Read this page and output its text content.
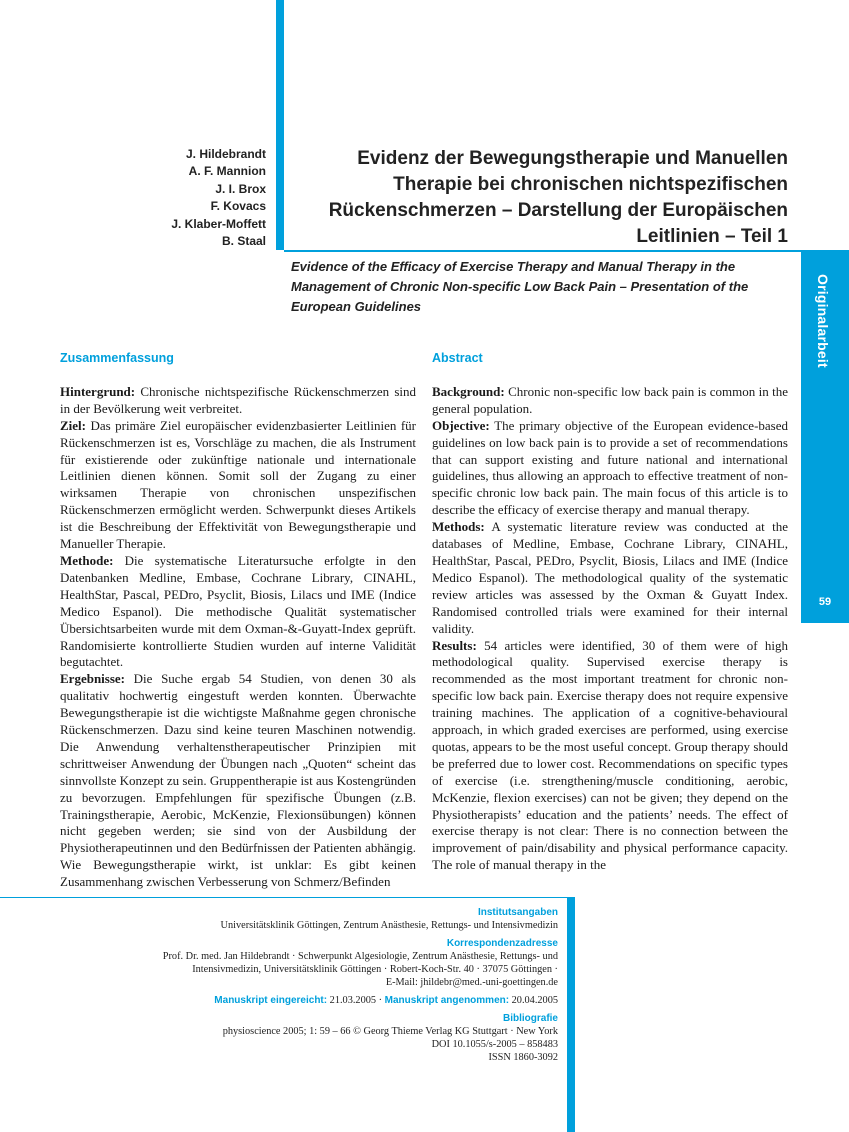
Originalarbeit
59
J. Hildebrandt
A. F. Mannion
J. I. Brox
F. Kovacs
J. Klaber-Moffett
B. Staal
Evidenz der Bewegungstherapie und Manuellen
Therapie bei chronischen nichtspezifischen
Rückenschmerzen – Darstellung der Europäischen
Leitlinien – Teil 1
Evidence of the Efficacy of Exercise Therapy and Manual Therapy in the Management of Chronic Non-specific Low Back Pain – Presentation of the European Guidelines
Zusammenfassung

Hintergrund: Chronische nichtspezifische Rückenschmerzen sind in der Bevölkerung weit verbreitet.

Ziel: Das primäre Ziel europäischer evidenzbasierter Leitlinien für Rückenschmerzen ist es, Vorschläge zu machen, die als Instrument für existierende oder zukünftige nationale und internationale Leitlinien dienen können. Somit soll der Zugang zu einer wirksamen Therapie von chronischen unspezifischen Rückenschmerzen ermöglicht werden. Schwerpunkt dieses Artikels ist die Beschreibung der Effektivität von Bewegungstherapie und Manueller Therapie.

Methode: Die systematische Literatursuche erfolgte in den Datenbanken Medline, Embase, Cochrane Library, CINAHL, HealthStar, Pascal, PEDro, Psyclit, Biosis, Lilacs und IME (Indice Medico Espanol). Die methodische Qualität systematischer Übersichtsarbeiten wurde mit dem Oxman-&-Guyatt-Index geprüft. Randomisierte kontrollierte Studien wurden auf interne Validität begutachtet.

Ergebnisse: Die Suche ergab 54 Studien, von denen 30 als qualitativ hochwertig eingestuft werden konnten. Überwachte Bewegungstherapie ist die wichtigste Maßnahme gegen chronische Rückenschmerzen. Dazu sind keine teuren Maschinen notwendig. Die Anwendung verhaltenstherapeutischer Prinzipien mit schrittweiser Anwendung der Übungen nach „Quoten“ scheint das sinnvollste Konzept zu sein. Gruppentherapie ist aus Kostengründen zu bevorzugen. Empfehlungen für spezifische Übungen (z.B. Trainingstherapie, Aerobic, McKenzie, Flexionsübungen) können nicht gegeben werden; sie sind von der Ausbildung der Physiotherapeutinnen und den Bedürfnissen der Patienten abhängig. Wie Bewegungstherapie wirkt, ist unklar: Es gibt keinen Zusammenhang zwischen Verbesserung von Schmerz/Befinden

Abstract

Background: Chronic non-specific low back pain is common in the general population.

Objective: The primary objective of the European evidence-based guidelines on low back pain is to provide a set of recommendations that can support existing and future national and international guidelines, thus allowing an approach to effective treatment of non-specific chronic low back pain. The main focus of this article is to describe the efficacy of exercise therapy and manual therapy.

Methods: A systematic literature review was conducted at the databases of Medline, Embase, Cochrane Library, CINAHL, HealthStar, Pascal, PEDro, Psyclit, Biosis, Lilacs and IME (Indice Medico Espanol). The methodological quality of the systematic review articles was assessed by the Oxman & Guyatt Index. Randomised controlled trials were examined for their internal validity.

Results: 54 articles were identified, 30 of them were of high methodological quality. Supervised exercise therapy is recommended as the most important treatment for chronic non-specific low back pain. Exercise therapy does not require expensive training machines. The application of a cognitive-behavioural approach, in which graded exercises are performed, using exercise quotas, appears to be the most useful concept. Group therapy should be preferred due to lower cost. Recommendations on specific types of exercise (i.e. strengthening/muscle conditioning, aerobic, McKenzie, flexion exercises) can not be given; they depend on the Physiotherapists’ education and the patients’ needs. The effect of exercise therapy is not clear: There is no connection between the improvement of pain/disability and physical performance capacity. The role of manual therapy in the

Institutsangaben
Universitätsklinik Göttingen, Zentrum Anästhesie, Rettungs- und Intensivmedizin
Korrespondenzadresse
Prof. Dr. med. Jan Hildebrandt · Schwerpunkt Algesiologie, Zentrum Anästhesie, Rettungs- und
Intensivmedizin, Universitätsklinik Göttingen · Robert-Koch-Str. 40 · 37075 Göttingen ·
E-Mail: jhildebr@med.-uni-goettingen.de
Manuskript eingereicht: 21.03.2005 · Manuskript angenommen: 20.04.2005
Bibliografie
physioscience 2005; 1: 59 – 66 © Georg Thieme Verlag KG Stuttgart · New York
DOI 10.1055/s-2005 – 858483
ISSN 1860-3092
